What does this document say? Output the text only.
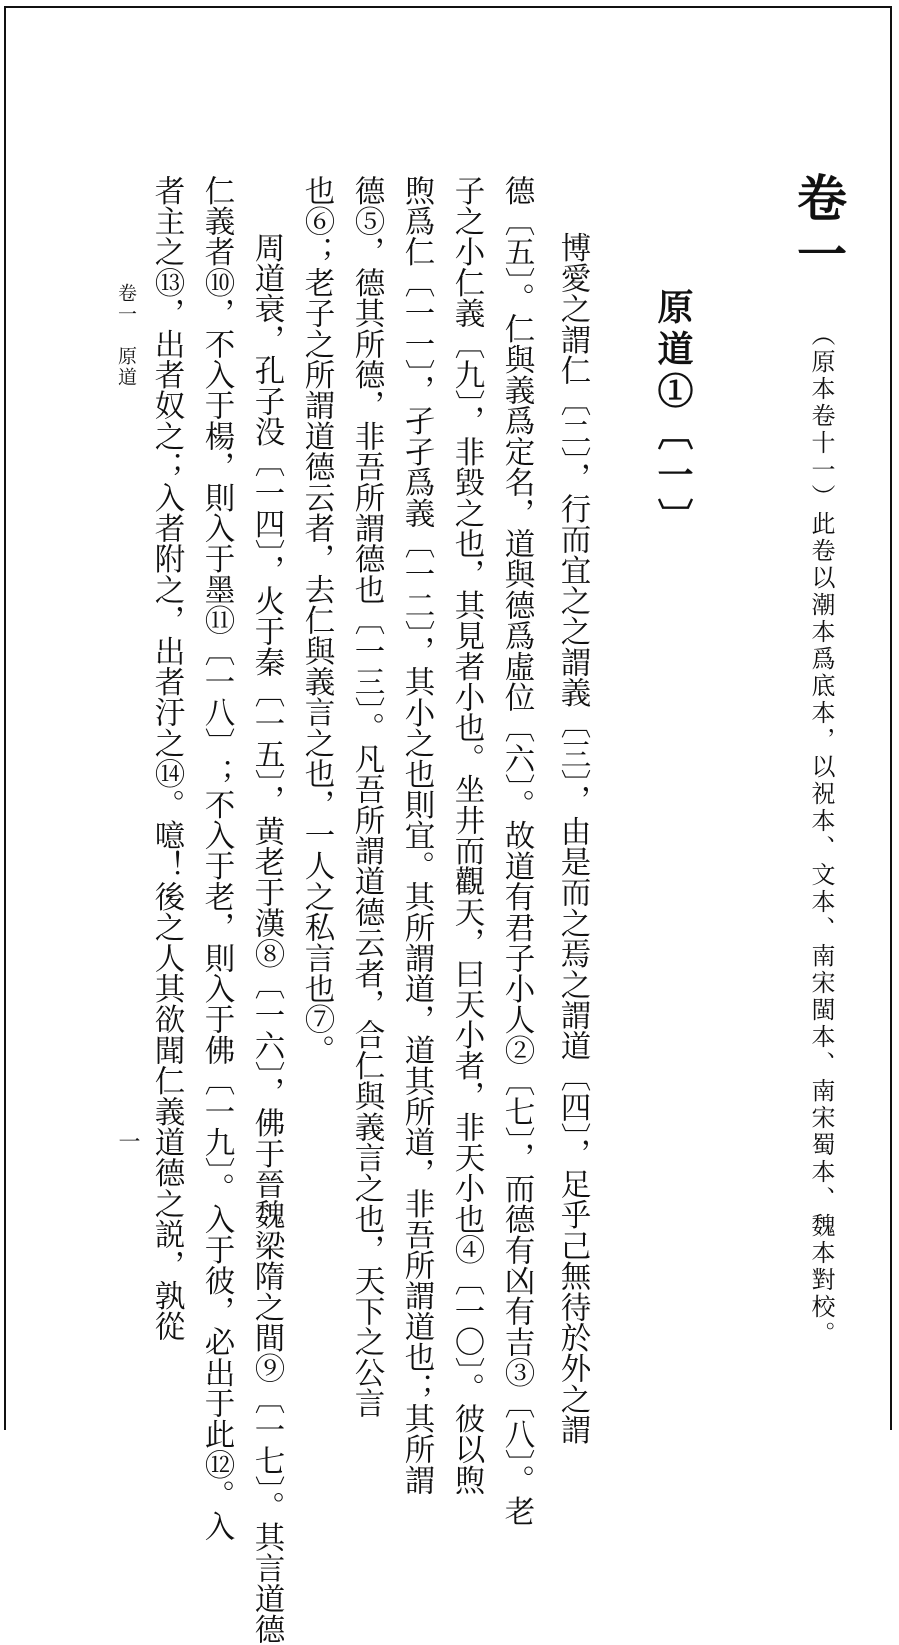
卷一
（原本卷十一）此卷以潮本爲底本，以祝本、文本、南宋閩本、南宋蜀本、魏本對校。
原道①〔一〕
博愛之謂仁〔二〕，行而宜之之謂義〔三〕，由是而之焉之謂道〔四〕，足乎己無待於外之謂
德〔五〕。仁與義爲定名，道與德爲虛位〔六〕。故道有君子小人②〔七〕，而德有凶有吉③〔八〕。老
子之小仁義〔九〕，非毀之也，其見者小也。坐井而觀天，曰天小者，非天小也④〔一〇〕。彼以煦
煦爲仁〔一一〕，孑孑爲義〔一二〕，其小之也則宜。其所謂道，道其所道，非吾所謂道也；其所謂
德⑤，德其所德，非吾所謂德也〔一三〕。凡吾所謂道德云者，合仁與義言之也，天下之公言
也⑥；老子之所謂道德云者，去仁與義言之也，一人之私言也⑦。
周道衰，孔子没〔一四〕，火于秦〔一五〕，黄老于漢⑧〔一六〕，佛于晉魏梁隋之間⑨〔一七〕。其言道德
仁義者⑩，不入于楊，則入于墨⑪〔一八〕；不入于老，則入于佛〔一九〕。入于彼，必出于此⑫。入
者主之⑬，出者奴之；入者附之，出者汙之⑭。噫！後之人其欲聞仁義道德之説，孰從
卷一　原道
一
